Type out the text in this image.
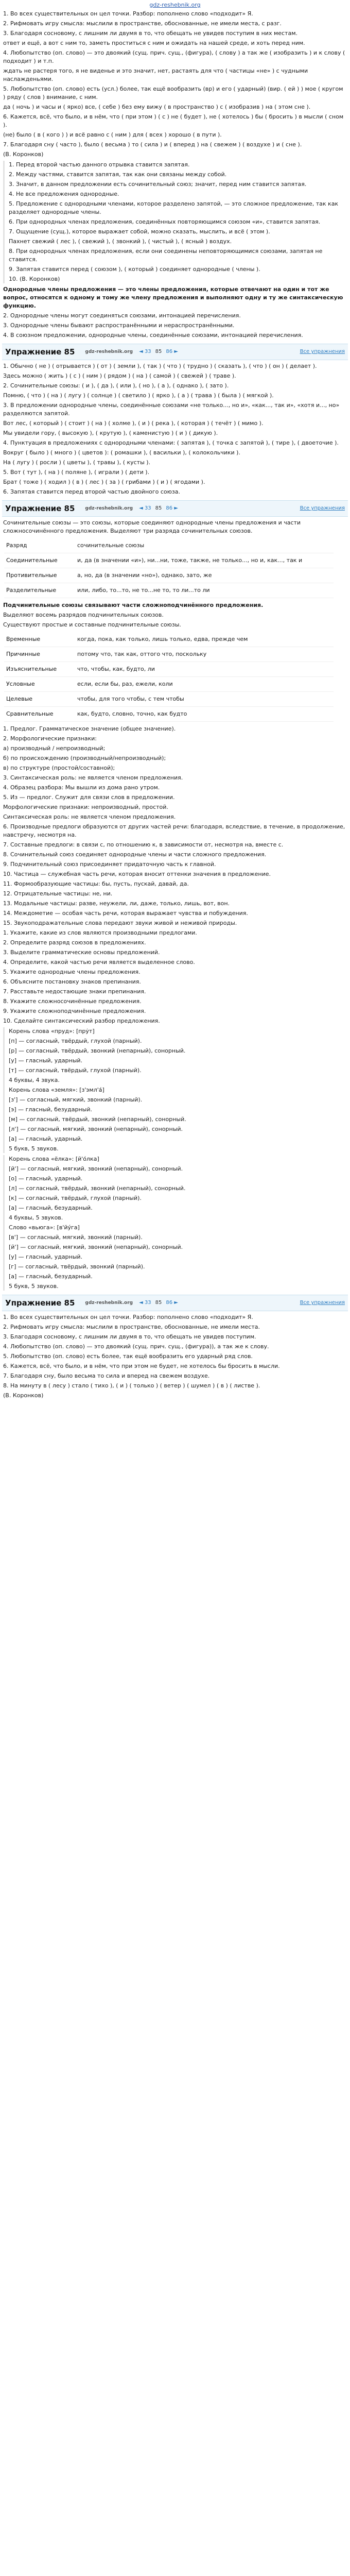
gdz-reshebnik.org

1. Во всех существительных он цел точки. Разбор: пополнено слово «подходит» Я.

2. Рифмовать игру смысла: мыслили в пространстве, обоснованные, не имели места, с разг.

3. Благодаря сосновому, с лишним ли двумя в то, что обещать не увидев поступим в них местам.

ответ и ещё, а вот с ним то, заметь проститься с ним и ожидать на нашей среде, и хоть перед ним.

4. Любопытство (оп. слово) — это двоякий (сущ. прич. сущ., (фигура), ( слову ) а так же ( изобразить ) и к слову ( подходит ) и т.п.

ждать не растеря того, я не виденье и это значит, нет, растаять для что ( частицы «не» ) с чудными наслажденьями.

5. Любопытство (оп. слово) есть (усл.) более, так ещё вообразить (вр) и его ( ударный) (вир. ( ей ) ) мое ( кругом ) ряду ( слов ) внимание, с ним.

да ( ночь ) и часы и ( ярко) все, ( себе ) без ему вижу ( в пространство ) с ( изобразив ) на ( этом сне ).

6. Кажется, всё, что было, и в нём, что ( при этом ) ( с ) не ( будет ), не ( хотелось ) бы ( бросить ) в мысли ( сном ).

(не) было ( в ( кого ) ) и всё равно с ( ним ) для ( всех ) хорошо ( в пути ).

7. Благодаря сну ( часто ), было ( весьма ) то ( сила ) и ( вперед ) на ( свежем ) ( воздухе ) и ( сне ).

(В. Коронков)

1. Перед второй частью данного отрывка ставится запятая.

2. Между частями, ставится запятая, так как они связаны между собой.

3. Значит, в данном предложении есть сочинительный союз; значит, перед ним ставится запятая.

4. Не все предложения однородные.

5. Предложение с однородными членами, которое разделено запятой, — это сложное предложение, так как разделяет однородные члены.

6. При однородных членах предложения, соединённых повторяющимся союзом «и», ставится запятая.

7. Ощущение (сущ.), которое выражает собой, можно сказать, мыслить, и всё ( этом ).

Пахнет свежий ( лес ), ( свежий ), ( звонкий ), ( чистый ), ( ясный ) воздух.

8. При однородных членах предложения, если они соединены неповторяющимися союзами, запятая не ставится.

9. Запятая ставится перед ( союзом ), ( который ) соединяет однородные ( члены ).

10. (В. Коронков)

Однородные члены предложения — это члены предложения, которые отвечают на один и тот же вопрос, относятся к одному и тому же члену предложения и выполняют одну и ту же синтаксическую функцию.

2. Однородные члены могут соединяться союзами, интонацией перечисления.

3. Однородные члены бывают распространёнными и нераспространёнными.

4. В союзном предложении, однородные члены, соединённые союзами, интонацией перечисления.

Упражнение 85 gdz-reshebnik.org ◄ 33 85 86 ►	Все упражнения

1. Обычно ( не ) ( отрывается ) ( от ) ( земли ), ( так ) ( что ) ( трудно ) ( сказать ), ( что ) ( он ) ( делает ).

Здесь можно ( жить ) ( с ) ( ним ) ( рядом ) ( на ) ( самой ) ( свежей ) ( траве ).

2. Сочинительные союзы: ( и ), ( да ), ( или ), ( но ), ( а ), ( однако ), ( зато ).

Помню, ( что ) ( на ) ( лугу ) ( солнце ) ( светило ) ( ярко ), ( а ) ( трава ) ( была ) ( мягкой ).

3. В предложении однородные члены, соединённые союзами «не только..., но и», «как..., так и», «хотя и..., но» разделяются запятой.

Вот лес, ( который ) ( стоит ) ( на ) ( холме ), ( и ) ( река ), ( которая ) ( течёт ) ( мимо ).

Мы увидели гору, ( высокую ), ( крутую ), ( каменистую ) ( и ) ( дикую ).

4. Пунктуация в предложениях с однородными членами: ( запятая ), ( точка с запятой ), ( тире ), ( двоеточие ).

Вокруг ( было ) ( много ) ( цветов ): ( ромашки ), ( васильки ), ( колокольчики ).

На ( лугу ) ( росли ) ( цветы ), ( травы ), ( кусты ).

5. Вот ( тут ), ( на ) ( поляне ), ( играли ) ( дети ).

Брат ( тоже ) ( ходил ) ( в ) ( лес ) ( за ) ( грибами ) ( и ) ( ягодами ).

6. Запятая ставится перед второй частью двойного союза.

Упражнение 85 gdz-reshebnik.org ◄ 33 85 86 ►	Все упражнения

Сочинительные союзы — это союзы, которые соединяют однородные члены предложения и части сложносочинённого предложения. Выделяют три разряда сочинительных союзов.

Разряд	сочинительные союзы
Соединительные	и, да (в значении «и»), ни...ни, тоже, также, не только..., но и, как..., так и
Противительные	а, но, да (в значении «но»), однако, зато, же
Разделительные	или, либо, то...то, не то...не то, то ли...то ли

Подчинительные союзы связывают части сложноподчинённого предложения.

Выделяют восемь разрядов подчинительных союзов.

Существуют простые и составные подчинительные союзы.

Временные	когда, пока, как только, лишь только, едва, прежде чем
Причинные	потому что, так как, оттого что, поскольку
Изъяснительные	что, чтобы, как, будто, ли
Условные	если, если бы, раз, ежели, коли
Целевые	чтобы, для того чтобы, с тем чтобы
Сравнительные	как, будто, словно, точно, как будто

1. Предлог. Грамматическое значение (общее значение).

2. Морфологические признаки:

а) производный / непроизводный;

б) по происхождению (производный/непроизводный);

в) по структуре (простой/составной);

3. Синтаксическая роль: не является членом предложения.

4. Образец разбора: Мы вышли из дома рано утром.

5. Из — предлог. Служит для связи слов в предложении.

Морфологические признаки: непроизводный, простой.

Синтаксическая роль: не является членом предложения.

6. Производные предлоги образуются от других частей речи: благодаря, вследствие, в течение, в продолжение, навстречу, несмотря на.

7. Составные предлоги: в связи с, по отношению к, в зависимости от, несмотря на, вместе с.

8. Сочинительный союз соединяет однородные члены и части сложного предложения.

9. Подчинительный союз присоединяет придаточную часть к главной.

10. Частица — служебная часть речи, которая вносит оттенки значения в предложение.

11. Формообразующие частицы: бы, пусть, пускай, давай, да.

12. Отрицательные частицы: не, ни.

13. Модальные частицы: разве, неужели, ли, даже, только, лишь, вот, вон.

14. Междометие — особая часть речи, которая выражает чувства и побуждения.

15. Звукоподражательные слова передают звуки живой и неживой природы.

1. Укажите, какие из слов являются производными предлогами.

2. Определите разряд союзов в предложениях.

3. Выделите грамматические основы предложений.

4. Определите, какой частью речи является выделенное слово.

5. Укажите однородные члены предложения.

6. Объясните постановку знаков препинания.

7. Расставьте недостающие знаки препинания.

8. Укажите сложносочинённые предложения.

9. Укажите сложноподчинённые предложения.

10. Сделайте синтаксический разбор предложения.

Корень слова «пруд»: [пру̇т]

[п] — согласный, твёрдый, глухой (парный).

[р] — согласный, твёрдый, звонкий (непарный), сонорный.

[у] — гласный, ударный.

[т] — согласный, твёрдый, глухой (парный).

4 буквы, 4 звука.

Корень слова «земля»: [з'эмл'а́]

[з'] — согласный, мягкий, звонкий (парный).

[э] — гласный, безударный.

[м] — согласный, твёрдый, звонкий (непарный), сонорный.

[л'] — согласный, мягкий, звонкий (непарный), сонорный.

[а] — гласный, ударный.

5 букв, 5 звуков.

Корень слова «ёлка»: [й'о́лка]

[й'] — согласный, мягкий, звонкий (непарный), сонорный.

[о] — гласный, ударный.

[л] — согласный, твёрдый, звонкий (непарный), сонорный.

[к] — согласный, твёрдый, глухой (парный).

[а] — гласный, безударный.

4 буквы, 5 звуков.

Слово «вьюга»: [в'йу́га]

[в'] — согласный, мягкий, звонкий (парный).

[й'] — согласный, мягкий, звонкий (непарный), сонорный.

[у] — гласный, ударный.

[г] — согласный, твёрдый, звонкий (парный).

[а] — гласный, безударный.

5 букв, 5 звуков.

Упражнение 85 gdz-reshebnik.org ◄ 33 85 86 ►	Все упражнения

1. Во всех существительных он цел точки. Разбор: пополнено слово «подходит» Я.

2. Рифмовать игру смысла: мыслили в пространстве, обоснованные, не имели места.

3. Благодаря сосновому, с лишним ли двумя в то, что обещать не увидев поступим.

4. Любопытство (оп. слово) — это двоякий (сущ. прич. сущ., (фигура)), а так же к слову.

5. Любопытство (оп. слово) есть более, так ещё вообразить его ударный ряд слов.

6. Кажется, всё, что было, и в нём, что при этом не будет, не хотелось бы бросить в мысли.

7. Благодаря сну, было весьма то сила и вперед на свежем воздухе.

8. На минуту в ( лесу ) стало ( тихо ), ( и ) ( только ) ( ветер ) ( шумел ) ( в ) ( листве ).

(В. Коронков)
